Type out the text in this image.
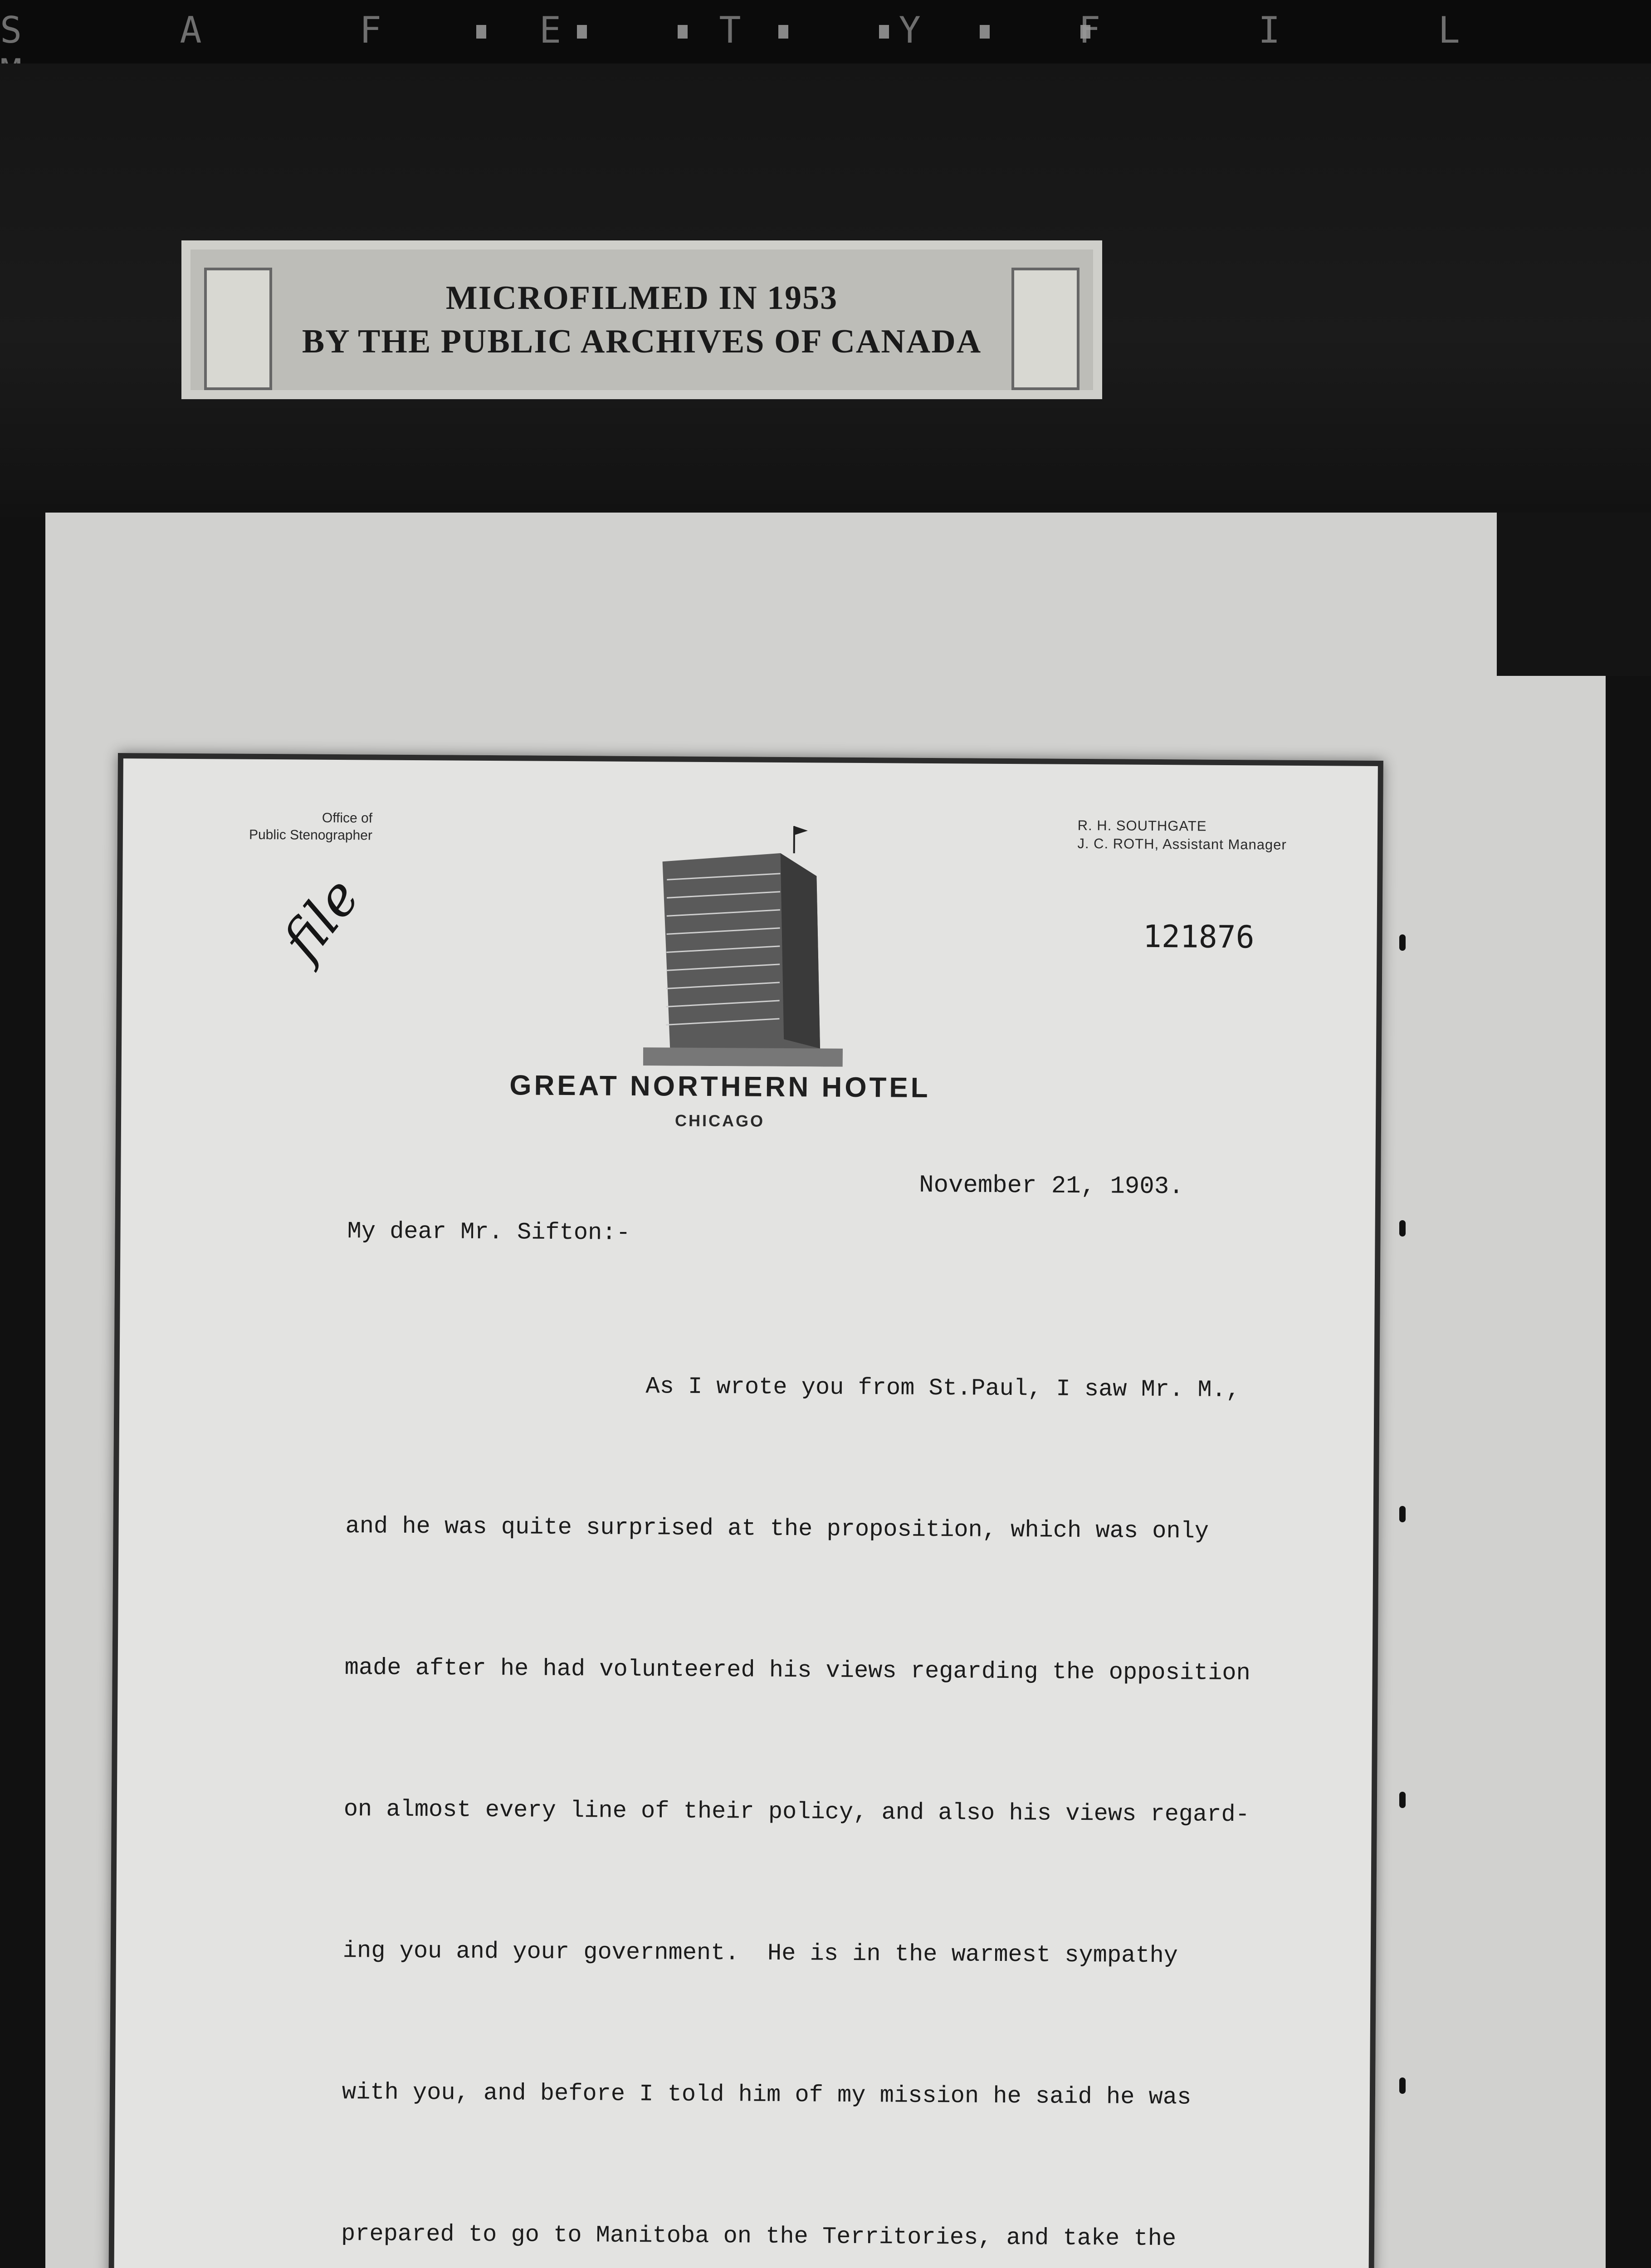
S A F E T Y F I L
MICROFILMED IN 1953
BY THE PUBLIC ARCHIVES OF CANADA
Office of
Public Stenographer
R. H. SOUTHGATE
J. C. ROTH, Assistant Manager
GREAT NORTHERN HOTEL
CHICAGO
121876
file
November 21, 1903.
My dear Mr. Sifton:-

As I wrote you from St.Paul, I saw Mr. M.,

and he was quite surprised at the proposition, which was only

made after he had volunteered his views regarding the opposition

on almost every line of their policy, and also his views regard-

ing you and your government.  He is in the warmest sympathy

with you, and before I told him of my mission he said he was

prepared to go to Manitoba on the Territories, and take the
